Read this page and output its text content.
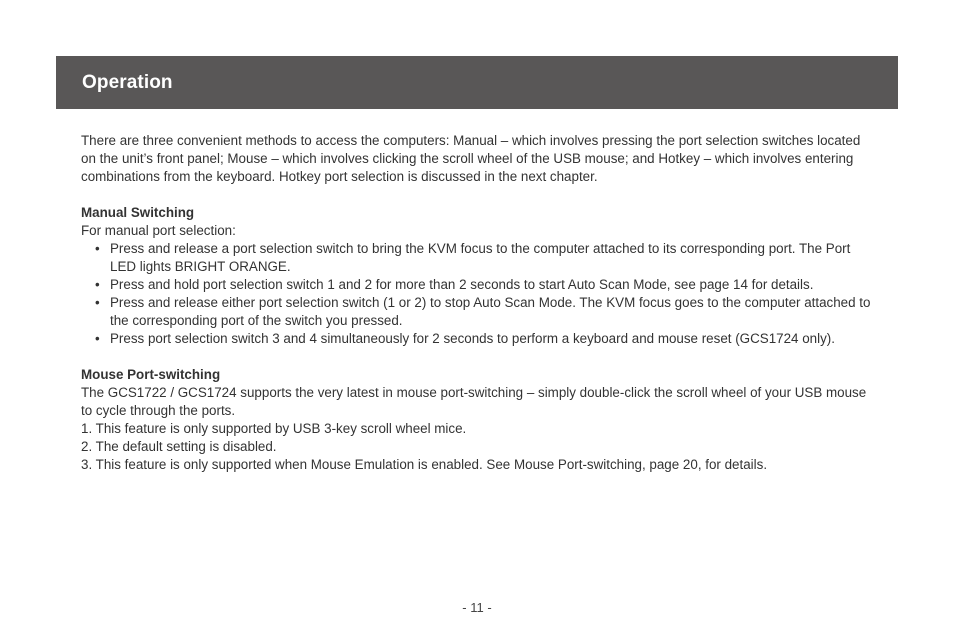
Operation

There are three convenient methods to access the computers: Manual – which involves pressing the port selection switches located on the unit’s front panel; Mouse – which involves clicking the scroll wheel of the USB mouse; and Hotkey – which involves entering combinations from the keyboard. Hotkey port selection is discussed in the next chapter.

Manual Switching

For manual port selection:

• Press and release a port selection switch to bring the KVM focus to the computer attached to its corresponding port. The Port LED lights BRIGHT ORANGE.
• Press and hold port selection switch 1 and 2 for more than 2 seconds to start Auto Scan Mode, see page 14 for details.
• Press and release either port selection switch (1 or 2) to stop Auto Scan Mode. The KVM focus goes to the computer attached to the corresponding port of the switch you pressed.
• Press port selection switch 3 and 4 simultaneously for 2 seconds to perform a keyboard and mouse reset (GCS1724 only).

Mouse Port-switching

The GCS1722 / GCS1724 supports the very latest in mouse port-switching – simply double-click the scroll wheel of your USB mouse to cycle through the ports.

1. This feature is only supported by USB 3-key scroll wheel mice.

2. The default setting is disabled.

3. This feature is only supported when Mouse Emulation is enabled. See Mouse Port-switching, page 20, for details.

- 11 -
